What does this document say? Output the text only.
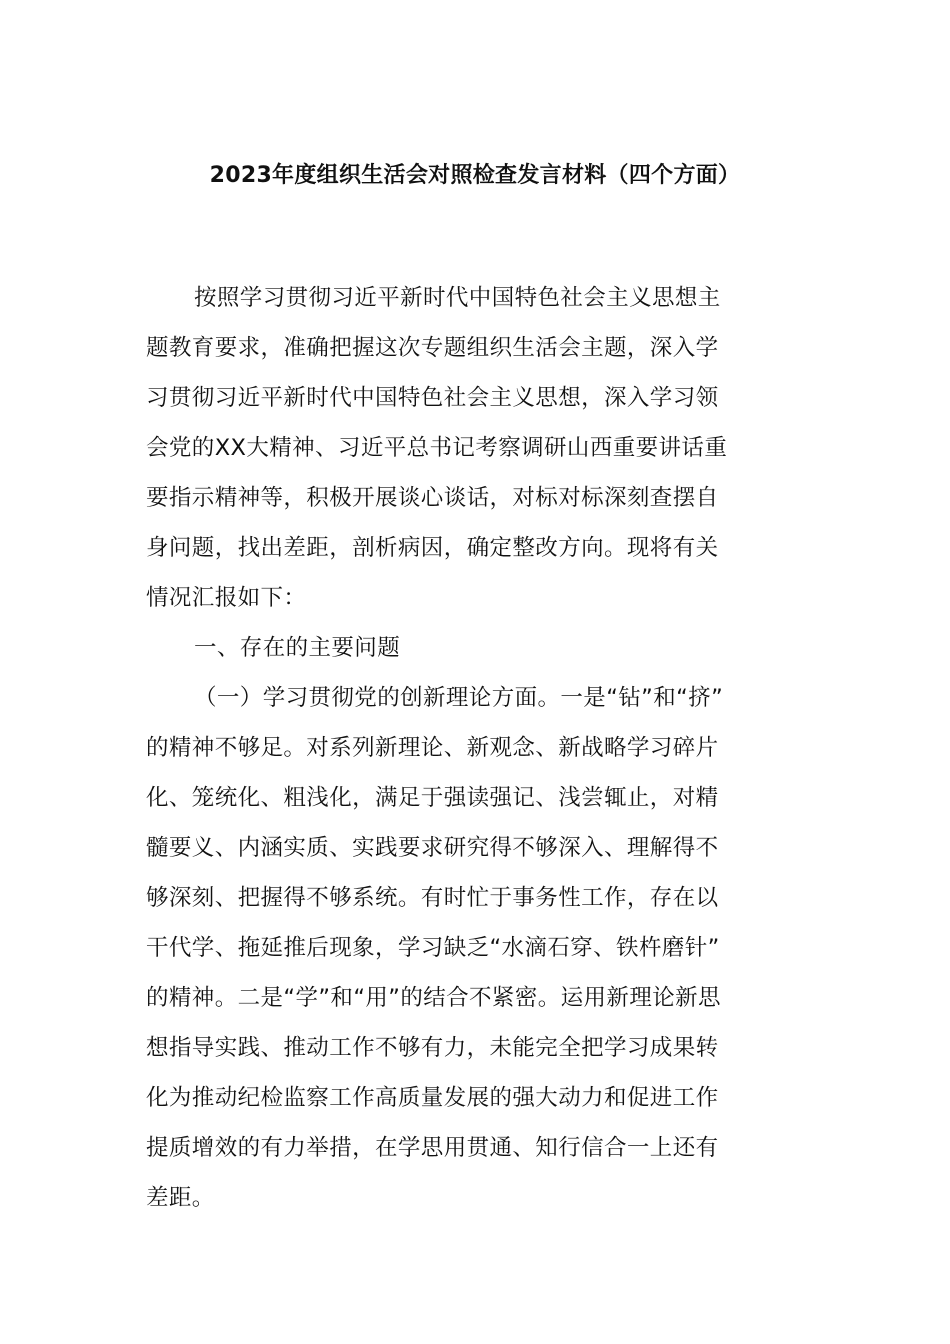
2023年度组织生活会对照检查发言材料（四个方面）
按照学习贯彻习近平新时代中国特色社会主义思想主
题教育要求，准确把握这次专题组织生活会主题，深入学
习贯彻习近平新时代中国特色社会主义思想，深入学习领
会党的XX大精神、习近平总书记考察调研山西重要讲话重
要指示精神等，积极开展谈心谈话，对标对标深刻查摆自
身问题，找出差距，剖析病因，确定整改方向。现将有关
情况汇报如下：
一、存在的主要问题
（一）学习贯彻党的创新理论方面。一是“钻”和“挤”
的精神不够足。对系列新理论、新观念、新战略学习碎片
化、笼统化、粗浅化，满足于强读强记、浅尝辄止，对精
髓要义、内涵实质、实践要求研究得不够深入、理解得不
够深刻、把握得不够系统。有时忙于事务性工作，存在以
干代学、拖延推后现象，学习缺乏“水滴石穿、铁杵磨针”
的精神。二是“学”和“用”的结合不紧密。运用新理论新思
想指导实践、推动工作不够有力，未能完全把学习成果转
化为推动纪检监察工作高质量发展的强大动力和促进工作
提质增效的有力举措，在学思用贯通、知行信合一上还有
差距。
